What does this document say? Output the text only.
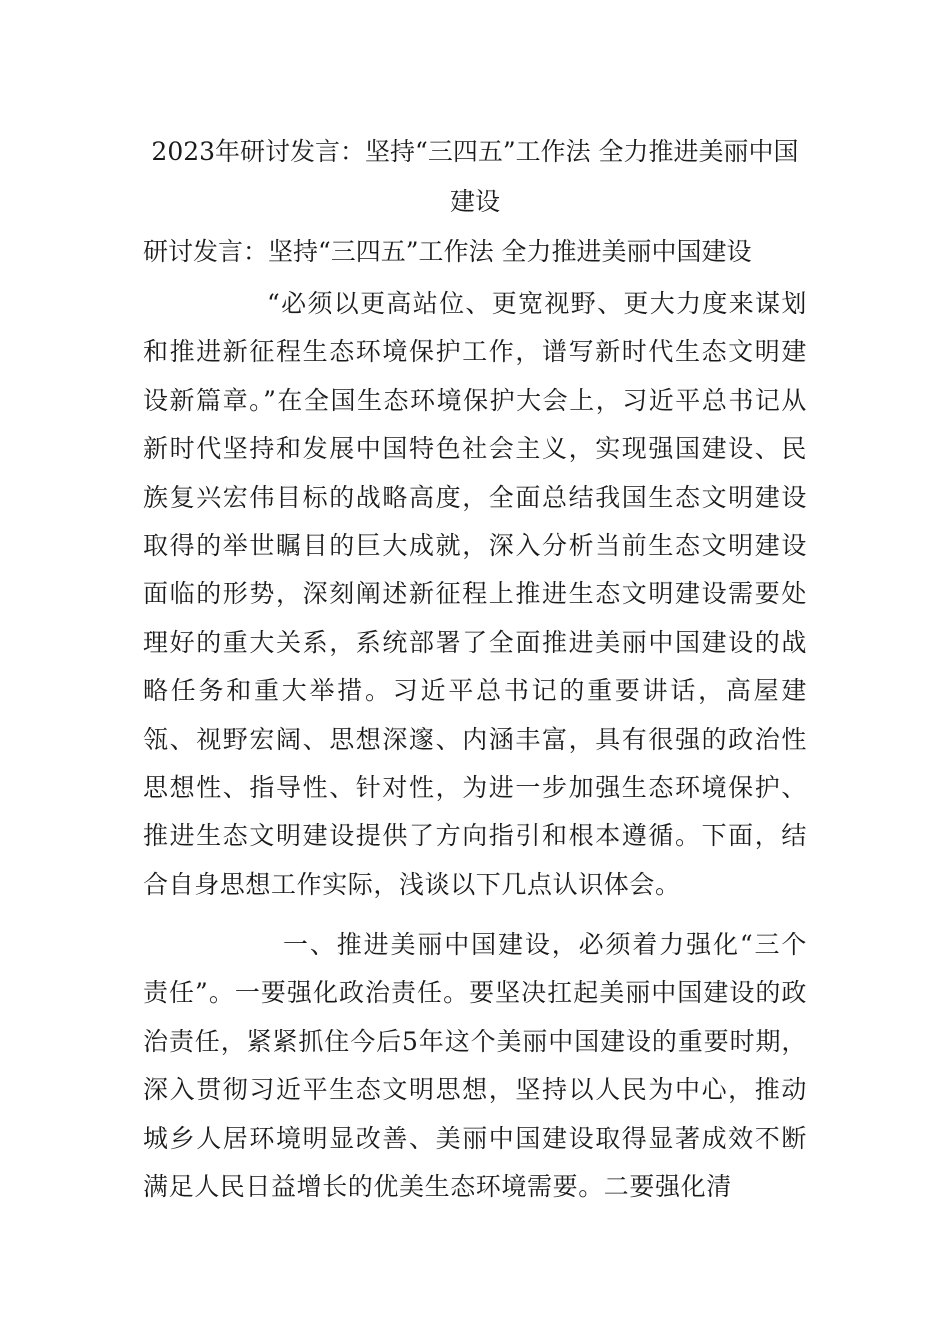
2023年研讨发言：坚持“三四五”工作法 全力推进美丽中国建设

研讨发言：坚持“三四五”工作法 全力推进美丽中国建设

“必须以更高站位、更宽视野、更大力度来谋划和推进新征程生态环境保护工作，谱写新时代生态文明建设新篇章。”在全国生态环境保护大会上，习近平总书记从新时代坚持和发展中国特色社会主义，实现强国建设、民族复兴宏伟目标的战略高度，全面总结我国生态文明建设取得的举世瞩目的巨大成就，深入分析当前生态文明建设面临的形势，深刻阐述新征程上推进生态文明建设需要处理好的重大关系，系统部署了全面推进美丽中国建设的战略任务和重大举措。习近平总书记的重要讲话，高屋建瓴、视野宏阔、思想深邃、内涵丰富，具有很强的政治性思想性、指导性、针对性，为进一步加强生态环境保护、推进生态文明建设提供了方向指引和根本遵循。下面，结合自身思想工作实际，浅谈以下几点认识体会。

一、推进美丽中国建设，必须着力强化“三个责任”。一要强化政治责任。要坚决扛起美丽中国建设的政治责任，紧紧抓住今后5年这个美丽中国建设的重要时期，深入贯彻习近平生态文明思想，坚持以人民为中心，推动城乡人居环境明显改善、美丽中国建设取得显著成效不断满足人民日益增长的优美生态环境需要。二要强化清
